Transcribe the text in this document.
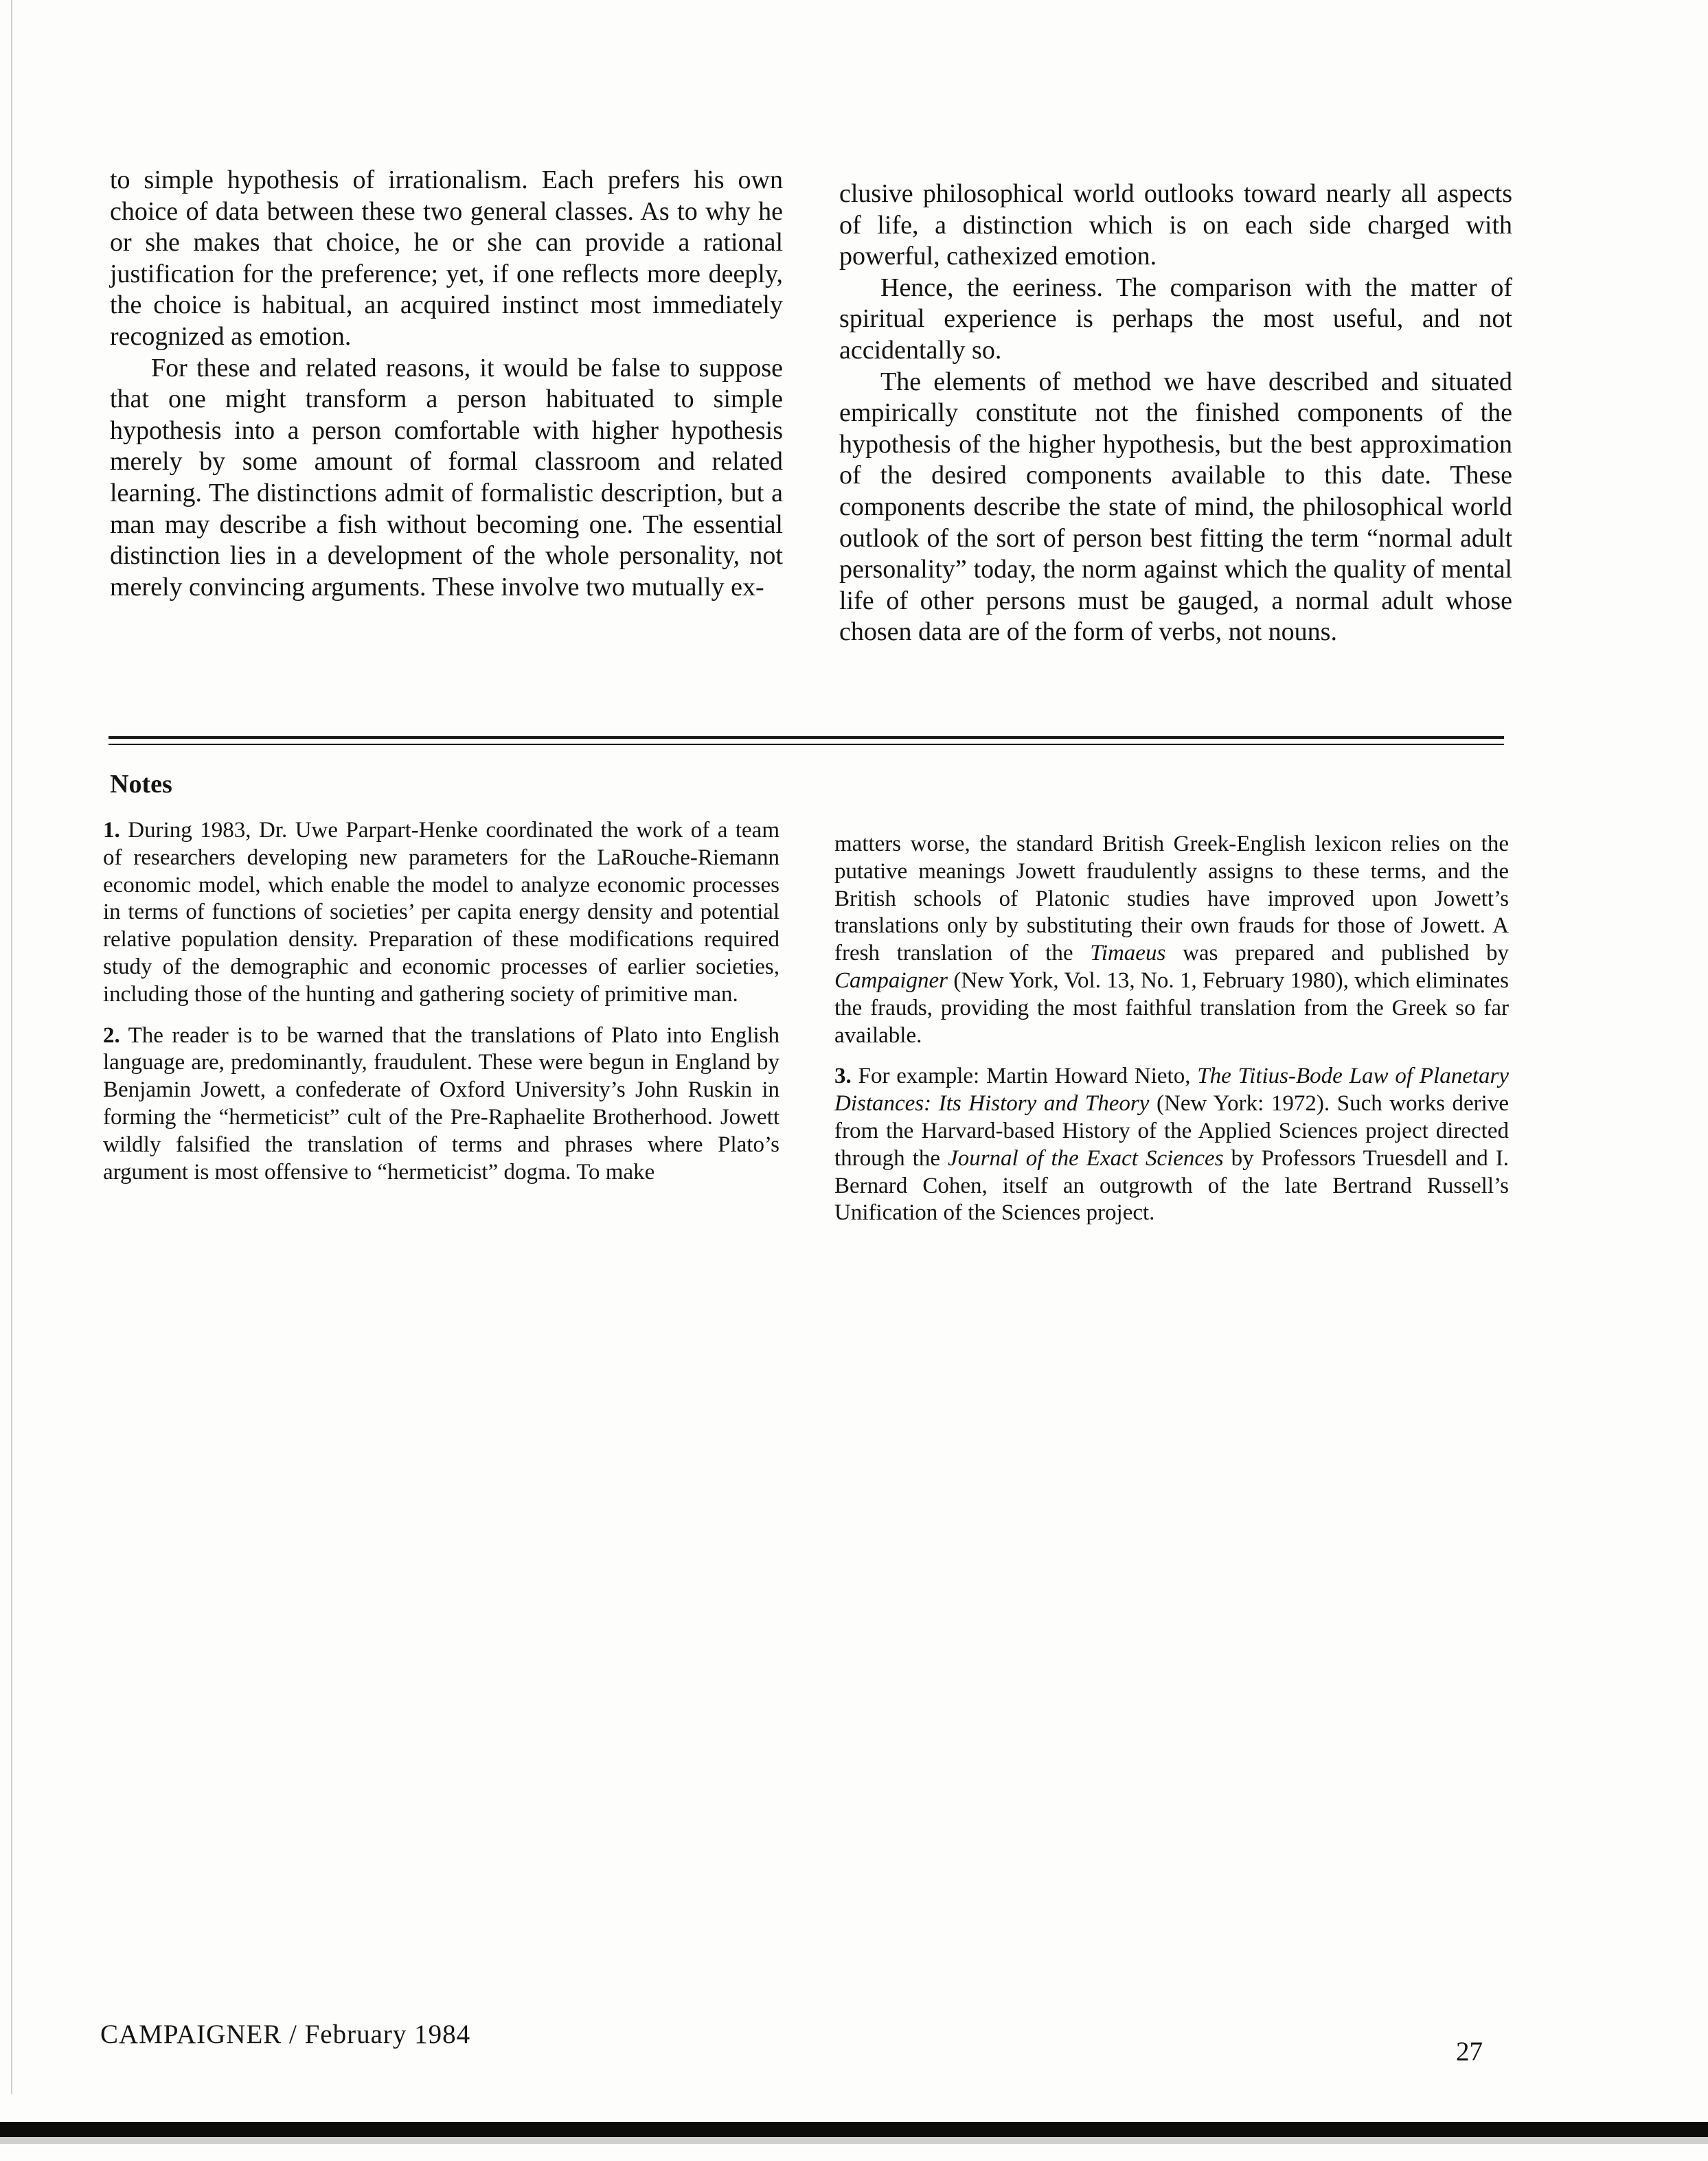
to simple hypothesis of irrationalism. Each prefers his own choice of data between these two general classes. As to why he or she makes that choice, he or she can provide a rational justification for the preference; yet, if one reflects more deeply, the choice is habitual, an acquired instinct most immediately recognized as emotion.

For these and related reasons, it would be false to suppose that one might transform a person habituated to simple hypothesis into a person comfortable with higher hypothesis merely by some amount of formal classroom and related learning. The distinctions admit of formalistic description, but a man may describe a fish without becoming one. The essential distinction lies in a development of the whole personality, not merely convincing arguments. These involve two mutually ex-

clusive philosophical world outlooks toward nearly all aspects of life, a distinction which is on each side charged with powerful, cathexized emotion.

Hence, the eeriness. The comparison with the matter of spiritual experience is perhaps the most useful, and not accidentally so.

The elements of method we have described and situated empirically constitute not the finished components of the hypothesis of the higher hypothesis, but the best approximation of the desired components available to this date. These components describe the state of mind, the philosophical world outlook of the sort of person best fitting the term “normal adult personality” today, the norm against which the quality of mental life of other persons must be gauged, a normal adult whose chosen data are of the form of verbs, not nouns.

Notes

1. During 1983, Dr. Uwe Parpart-Henke coordinated the work of a team of researchers developing new parameters for the LaRouche-Riemann economic model, which enable the model to analyze economic processes in terms of functions of societies’ per capita energy density and potential relative population density. Preparation of these modifications required study of the demographic and economic processes of earlier societies, including those of the hunting and gathering society of primitive man.

2. The reader is to be warned that the translations of Plato into English language are, predominantly, fraudulent. These were begun in England by Benjamin Jowett, a confederate of Oxford University’s John Ruskin in forming the “hermeticist” cult of the Pre-Raphaelite Brotherhood. Jowett wildly falsified the translation of terms and phrases where Plato’s argument is most offensive to “hermeticist” dogma. To make

matters worse, the standard British Greek-English lexicon relies on the putative meanings Jowett fraudulently assigns to these terms, and the British schools of Platonic studies have improved upon Jowett’s translations only by substituting their own frauds for those of Jowett. A fresh translation of the Timaeus was prepared and published by Campaigner (New York, Vol. 13, No. 1, February 1980), which eliminates the frauds, providing the most faithful translation from the Greek so far available.

3. For example: Martin Howard Nieto, The Titius-Bode Law of Planetary Distances: Its History and Theory (New York: 1972). Such works derive from the Harvard-based History of the Applied Sciences project directed through the Journal of the Exact Sciences by Professors Truesdell and I. Bernard Cohen, itself an outgrowth of the late Bertrand Russell’s Unification of the Sciences project.

CAMPAIGNER / February 1984
27
